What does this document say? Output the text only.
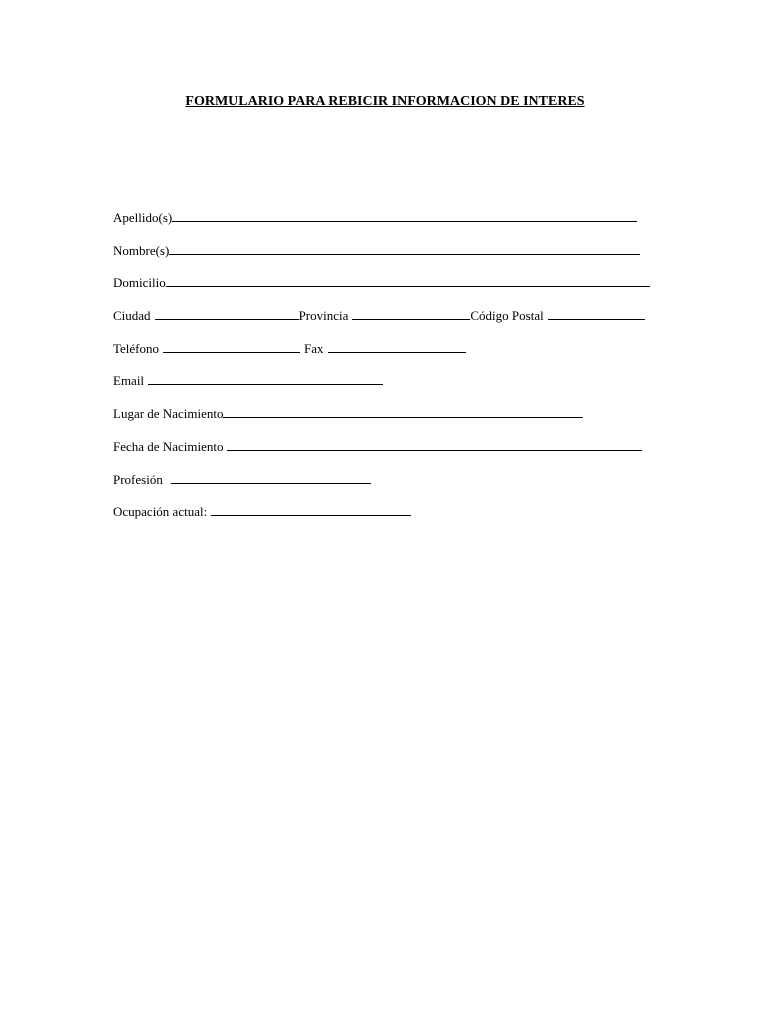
FORMULARIO PARA REBICIR INFORMACION DE INTERES
Apellido(s)
Nombre(s)
Domicilio
Ciudad	Provincia	Código Postal
Teléfono	Fax
Email
Lugar de Nacimiento
Fecha de Nacimiento
Profesión
Ocupación actual:
